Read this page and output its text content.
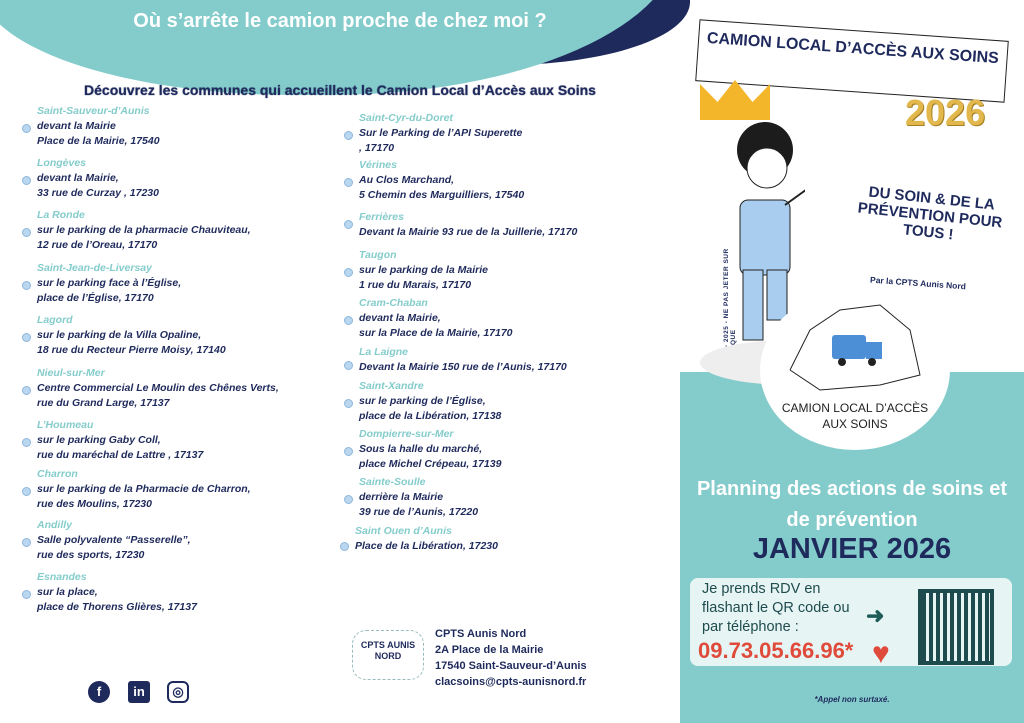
Où s’arrête le camion proche de chez moi ?
Découvrez les communes qui accueillent le Camion Local d’Accès aux Soins
Saint-Sauveur-d’Aunis
devant la Mairie
Place de la Mairie, 17540
Longèves
devant la Mairie,
33 rue de Curzay , 17230
La Ronde
sur le parking de la pharmacie Chauviteau,
12 rue de l’Oreau, 17170
Saint-Jean-de-Liversay
sur le parking face à l’Église,
place de l’Église, 17170
Lagord
sur le parking de la Villa Opaline,
18 rue du Recteur Pierre Moisy, 17140
Nieul-sur-Mer
Centre Commercial Le Moulin des Chênes Verts,
rue du Grand Large, 17137
L’Houmeau
sur le parking Gaby Coll,
rue du maréchal de Lattre , 17137
Charron
sur le parking de la Pharmacie de Charron,
rue des Moulins, 17230
Andilly
Salle polyvalente “Passerelle”,
rue des sports, 17230
Esnandes
sur la place,
place de Thorens Glières, 17137
Saint-Cyr-du-Doret
Sur le Parking de l’API Superette
, 17170
Vérines
Au Clos Marchand,
5 Chemin des Marguilliers, 17540
Ferrières
Devant la Mairie 93 rue de la Juillerie, 17170
Taugon
sur le parking de la Mairie
1 rue du Marais, 17170
Cram-Chaban
devant la Mairie,
sur la Place de la Mairie, 17170
La Laigne
Devant la Mairie 150 rue de l’Aunis, 17170
Saint-Xandre
sur le parking de l’Église,
place de la Libération, 17138
Dompierre-sur-Mer
Sous la halle du marché,
place Michel Crépeau, 17139
Sainte-Soulle
derrière la Mairie
39 rue de l’Aunis, 17220
Saint Ouen d’Aunis
Place de la Libération, 17230
CPTS AUNIS NORD
CPTS Aunis Nord
2A Place de la Mairie
17540 Saint-Sauveur-d’Aunis
clacsoins@cpts-aunisnord.fr
f	in	◎
CAMION LOCAL D’ACCÈS AUX SOINS
2026
DU SOIN & DE LA PRÉVENTION POUR TOUS !
Par la CPTS Aunis Nord
CAMION LOCAL D’ACCÈS AUX SOINS
Planning des actions de soins et de prévention
JANVIER 2026
Je prends RDV en flashant le QR code ou par téléphone :
09.73.05.66.96*
➜
♥
*Appel non surtaxé.
